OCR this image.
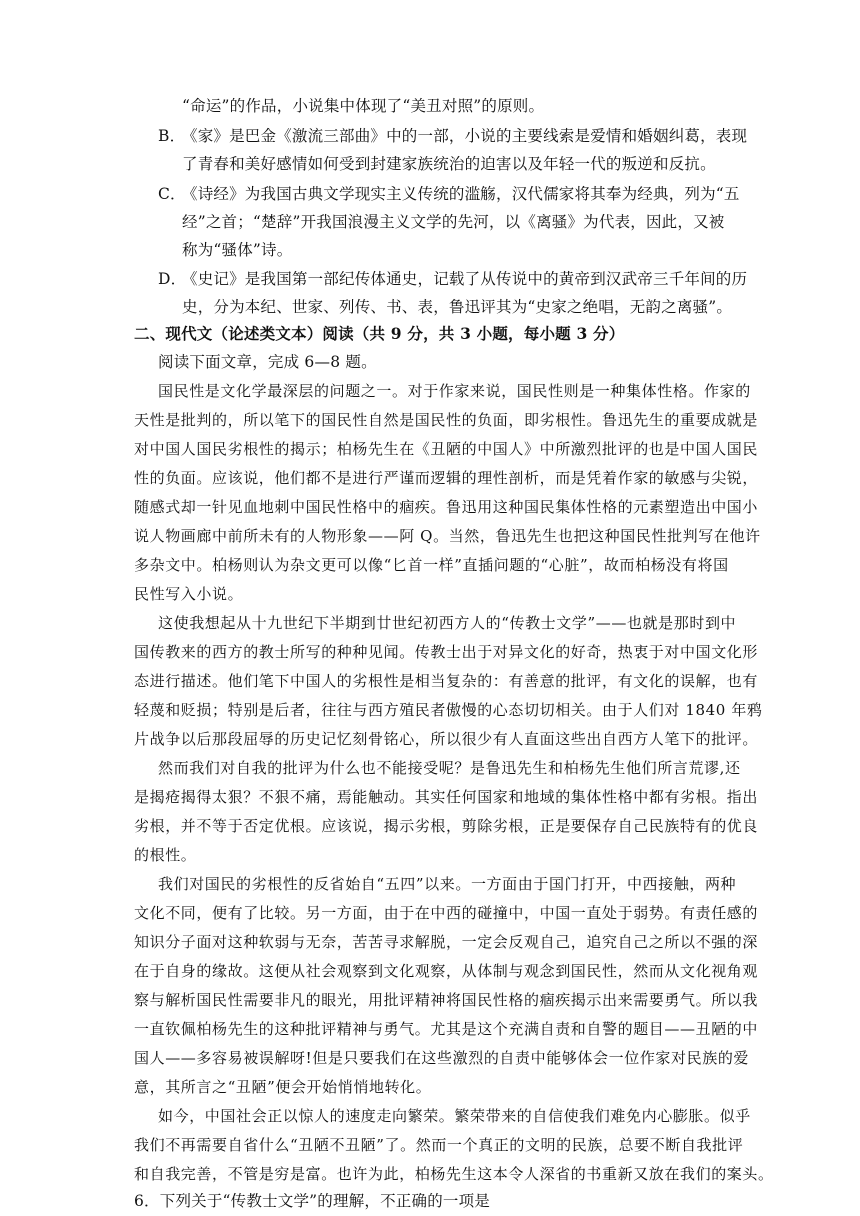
“命运”的作品，小说集中体现了“美丑对照”的原则。
B．《家》是巴金《激流三部曲》中的一部，小说的主要线索是爱情和婚姻纠葛，表现
了青春和美好感情如何受到封建家族统治的迫害以及年轻一代的叛逆和反抗。
C．《诗经》为我国古典文学现实主义传统的滥觞，汉代儒家将其奉为经典，列为“五
经”之首；“楚辞”开我国浪漫主义文学的先河，以《离骚》为代表，因此，又被
称为“骚体”诗。
D．《史记》是我国第一部纪传体通史，记载了从传说中的黄帝到汉武帝三千年间的历
史，分为本纪、世家、列传、书、表，鲁迅评其为“史家之绝唱，无韵之离骚”。
二、现代文（论述类文本）阅读（共 9 分，共 3 小题，每小题 3 分）
阅读下面文章，完成 6—8 题。
国民性是文化学最深层的问题之一。对于作家来说，国民性则是一种集体性格。作家的
天性是批判的，所以笔下的国民性自然是国民性的负面，即劣根性。鲁迅先生的重要成就是
对中国人国民劣根性的揭示；柏杨先生在《丑陋的中国人》中所激烈批评的也是中国人国民
性的负面。应该说，他们都不是进行严谨而逻辑的理性剖析，而是凭着作家的敏感与尖锐，
随感式却一针见血地刺中国民性格中的痼疾。鲁迅用这种国民集体性格的元素塑造出中国小
说人物画廊中前所未有的人物形象——阿 Q。当然，鲁迅先生也把这种国民性批判写在他许
多杂文中。柏杨则认为杂文更可以像“匕首一样”直插问题的“心脏”，故而柏杨没有将国
民性写入小说。
这使我想起从十九世纪下半期到廿世纪初西方人的“传教士文学”——也就是那时到中
国传教来的西方的教士所写的种种见闻。传教士出于对异文化的好奇，热衷于对中国文化形
态进行描述。他们笔下中国人的劣根性是相当复杂的：有善意的批评，有文化的误解，也有
轻蔑和贬损；特别是后者，往往与西方殖民者傲慢的心态切切相关。由于人们对 1840 年鸦
片战争以后那段屈辱的历史记忆刻骨铭心，所以很少有人直面这些出自西方人笔下的批评。
然而我们对自我的批评为什么也不能接受呢？是鲁迅先生和柏杨先生他们所言荒谬,还
是揭疮揭得太狠？不狠不痛，焉能触动。其实任何国家和地域的集体性格中都有劣根。指出
劣根，并不等于否定优根。应该说，揭示劣根，剪除劣根，正是要保存自己民族特有的优良
的根性。
我们对国民的劣根性的反省始自“五四”以来。一方面由于国门打开，中西接触，两种
文化不同，便有了比较。另一方面，由于在中西的碰撞中，中国一直处于弱势。有责任感的
知识分子面对这种软弱与无奈，苦苦寻求解脱，一定会反观自己，追究自己之所以不强的深
在于自身的缘故。这便从社会观察到文化观察，从体制与观念到国民性，然而从文化视角观
察与解析国民性需要非凡的眼光，用批评精神将国民性格的痼疾揭示出来需要勇气。所以我
一直钦佩柏杨先生的这种批评精神与勇气。尤其是这个充满自责和自警的题目——丑陋的中
国人——多容易被误解呀!但是只要我们在这些激烈的自责中能够体会一位作家对民族的爱
意，其所言之“丑陋”便会开始悄悄地转化。
如今，中国社会正以惊人的速度走向繁荣。繁荣带来的自信使我们难免内心膨胀。似乎
我们不再需要自省什么“丑陋不丑陋”了。然而一个真正的文明的民族，总要不断自我批评
和自我完善，不管是穷是富。也许为此，柏杨先生这本令人深省的书重新又放在我们的案头。
6．下列关于“传教士文学”的理解，不正确的一项是
